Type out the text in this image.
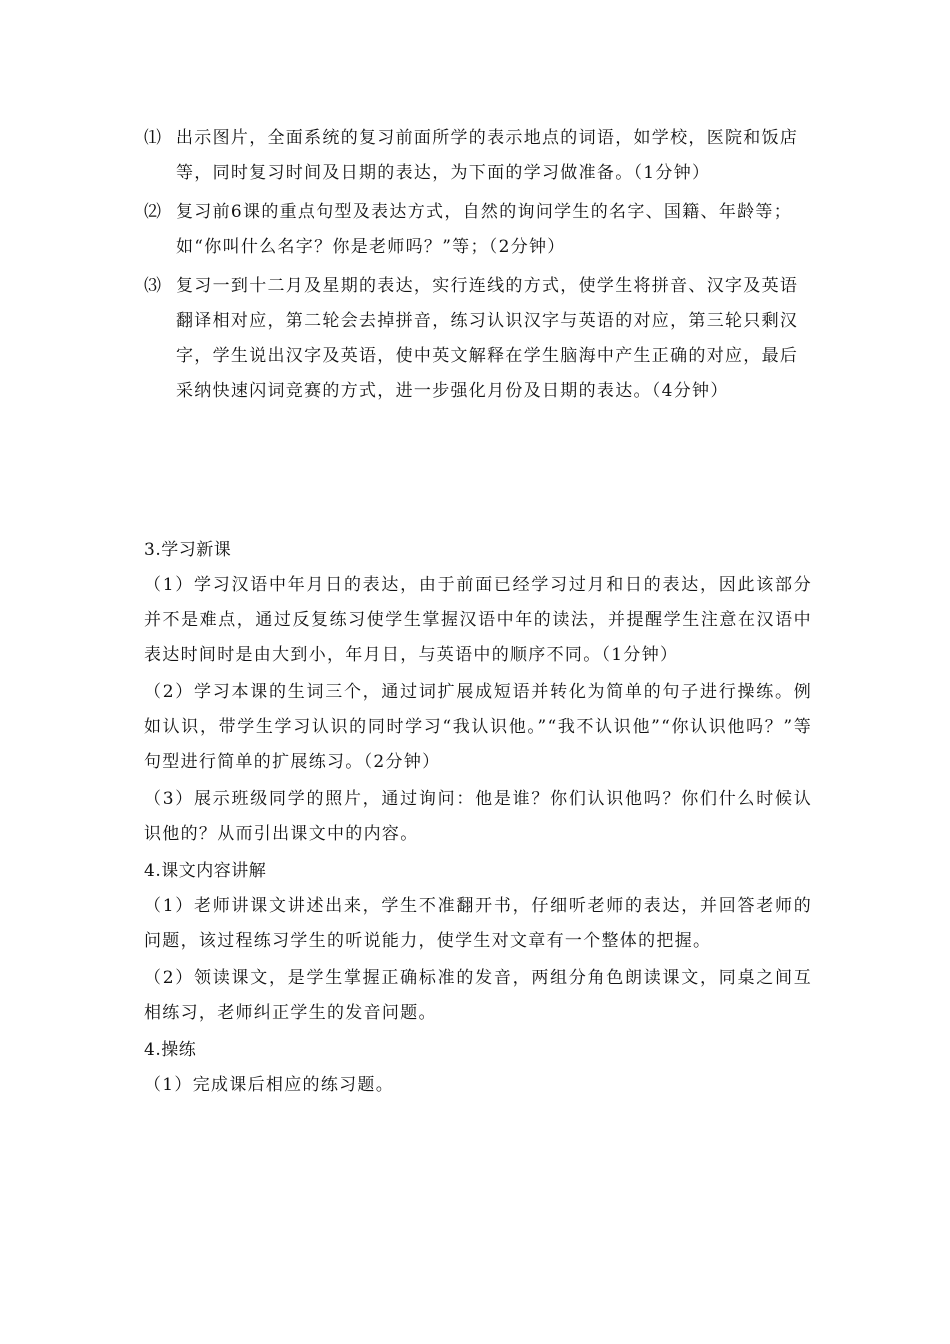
⑴ 出示图片，全面系统的复习前面所学的表示地点的词语，如学校，医院和饭店等，同时复习时间及日期的表达，为下面的学习做准备。（1分钟）
⑵ 复习前6课的重点句型及表达方式，自然的询问学生的名字、国籍、年龄等；如“你叫什么名字？你是老师吗？”等；（2分钟）
⑶ 复习一到十二月及星期的表达，实行连线的方式，使学生将拼音、汉字及英语翻译相对应，第二轮会去掉拼音，练习认识汉字与英语的对应，第三轮只剩汉字，学生说出汉字及英语，使中英文解释在学生脑海中产生正确的对应，最后采纳快速闪词竞赛的方式，进一步强化月份及日期的表达。（4分钟）
3.学习新课
（1）学习汉语中年月日的表达，由于前面已经学习过月和日的表达，因此该部分并不是难点，通过反复练习使学生掌握汉语中年的读法，并提醒学生注意在汉语中表达时间时是由大到小，年月日，与英语中的顺序不同。（1分钟）
（2）学习本课的生词三个，通过词扩展成短语并转化为简单的句子进行操练。例如认识，带学生学习认识的同时学习“我认识他。”“我不认识他”“你认识他吗？”等句型进行简单的扩展练习。（2分钟）
（3）展示班级同学的照片，通过询问：他是谁？你们认识他吗？你们什么时候认识他的？从而引出课文中的内容。
4.课文内容讲解
（1）老师讲课文讲述出来，学生不准翻开书，仔细听老师的表达，并回答老师的问题，该过程练习学生的听说能力，使学生对文章有一个整体的把握。
（2）领读课文，是学生掌握正确标准的发音，两组分角色朗读课文，同桌之间互相练习，老师纠正学生的发音问题。
4.操练
（1）完成课后相应的练习题。
